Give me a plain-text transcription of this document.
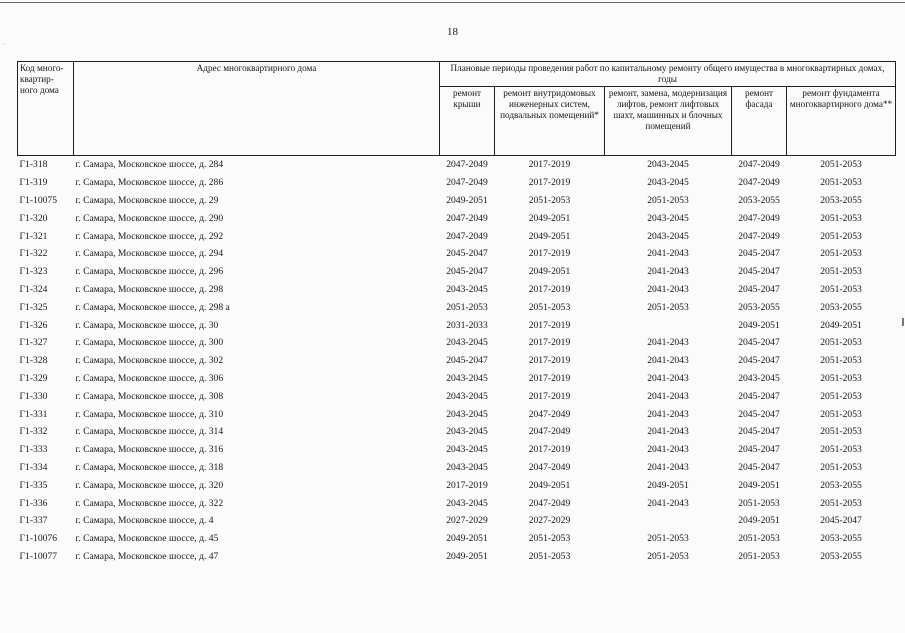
18
Код много-квартир-ного дома	Адрес многоквартирного дома	Плановые периоды проведения работ по капитальному ремонту общего имущества в многоквартирных домах, годы				
		ремонт крыши	ремонт внутридомовых инженерных систем, подвальных помещений*	ремонт, замена, модернизация лифтов, ремонт лифтовых шахт, машинных и блочных помещений	ремонт фасада	ремонт фундамента многоквартирного дома**
Г1-318	г. Самара, Московское шоссе, д. 284	2047-2049	2017-2019	2043-2045	2047-2049	2051-2053
Г1-319	г. Самара, Московское шоссе, д. 286	2047-2049	2017-2019	2043-2045	2047-2049	2051-2053
Г1-10075	г. Самара, Московское шоссе, д. 29	2049-2051	2051-2053	2051-2053	2053-2055	2053-2055
Г1-320	г. Самара, Московское шоссе, д. 290	2047-2049	2049-2051	2043-2045	2047-2049	2051-2053
Г1-321	г. Самара, Московское шоссе, д. 292	2047-2049	2049-2051	2043-2045	2047-2049	2051-2053
Г1-322	г. Самара, Московское шоссе, д. 294	2045-2047	2017-2019	2041-2043	2045-2047	2051-2053
Г1-323	г. Самара, Московское шоссе, д. 296	2045-2047	2049-2051	2041-2043	2045-2047	2051-2053
Г1-324	г. Самара, Московское шоссе, д. 298	2043-2045	2017-2019	2041-2043	2045-2047	2051-2053
Г1-325	г. Самара, Московское шоссе, д. 298 а	2051-2053	2051-2053	2051-2053	2053-2055	2053-2055
Г1-326	г. Самара, Московское шоссе, д. 30	2031-2033	2017-2019		2049-2051	2049-2051
Г1-327	г. Самара, Московское шоссе, д. 300	2043-2045	2017-2019	2041-2043	2045-2047	2051-2053
Г1-328	г. Самара, Московское шоссе, д. 302	2045-2047	2017-2019	2041-2043	2045-2047	2051-2053
Г1-329	г. Самара, Московское шоссе, д. 306	2043-2045	2017-2019	2041-2043	2043-2045	2051-2053
Г1-330	г. Самара, Московское шоссе, д. 308	2043-2045	2017-2019	2041-2043	2045-2047	2051-2053
Г1-331	г. Самара, Московское шоссе, д. 310	2043-2045	2047-2049	2041-2043	2045-2047	2051-2053
Г1-332	г. Самара, Московское шоссе, д. 314	2043-2045	2047-2049	2041-2043	2045-2047	2051-2053
Г1-333	г. Самара, Московское шоссе, д. 316	2043-2045	2017-2019	2041-2043	2045-2047	2051-2053
Г1-334	г. Самара, Московское шоссе, д. 318	2043-2045	2047-2049	2041-2043	2045-2047	2051-2053
Г1-335	г. Самара, Московское шоссе, д. 320	2017-2019	2049-2051	2049-2051	2049-2051	2053-2055
Г1-336	г. Самара, Московское шоссе, д. 322	2043-2045	2047-2049	2041-2043	2051-2053	2051-2053
Г1-337	г. Самара, Московское шоссе, д. 4	2027-2029	2027-2029		2049-2051	2045-2047
Г1-10076	г. Самара, Московское шоссе, д. 45	2049-2051	2051-2053	2051-2053	2051-2053	2053-2055
Г1-10077	г. Самара, Московское шоссе, д. 47	2049-2051	2051-2053	2051-2053	2051-2053	2053-2055
·
